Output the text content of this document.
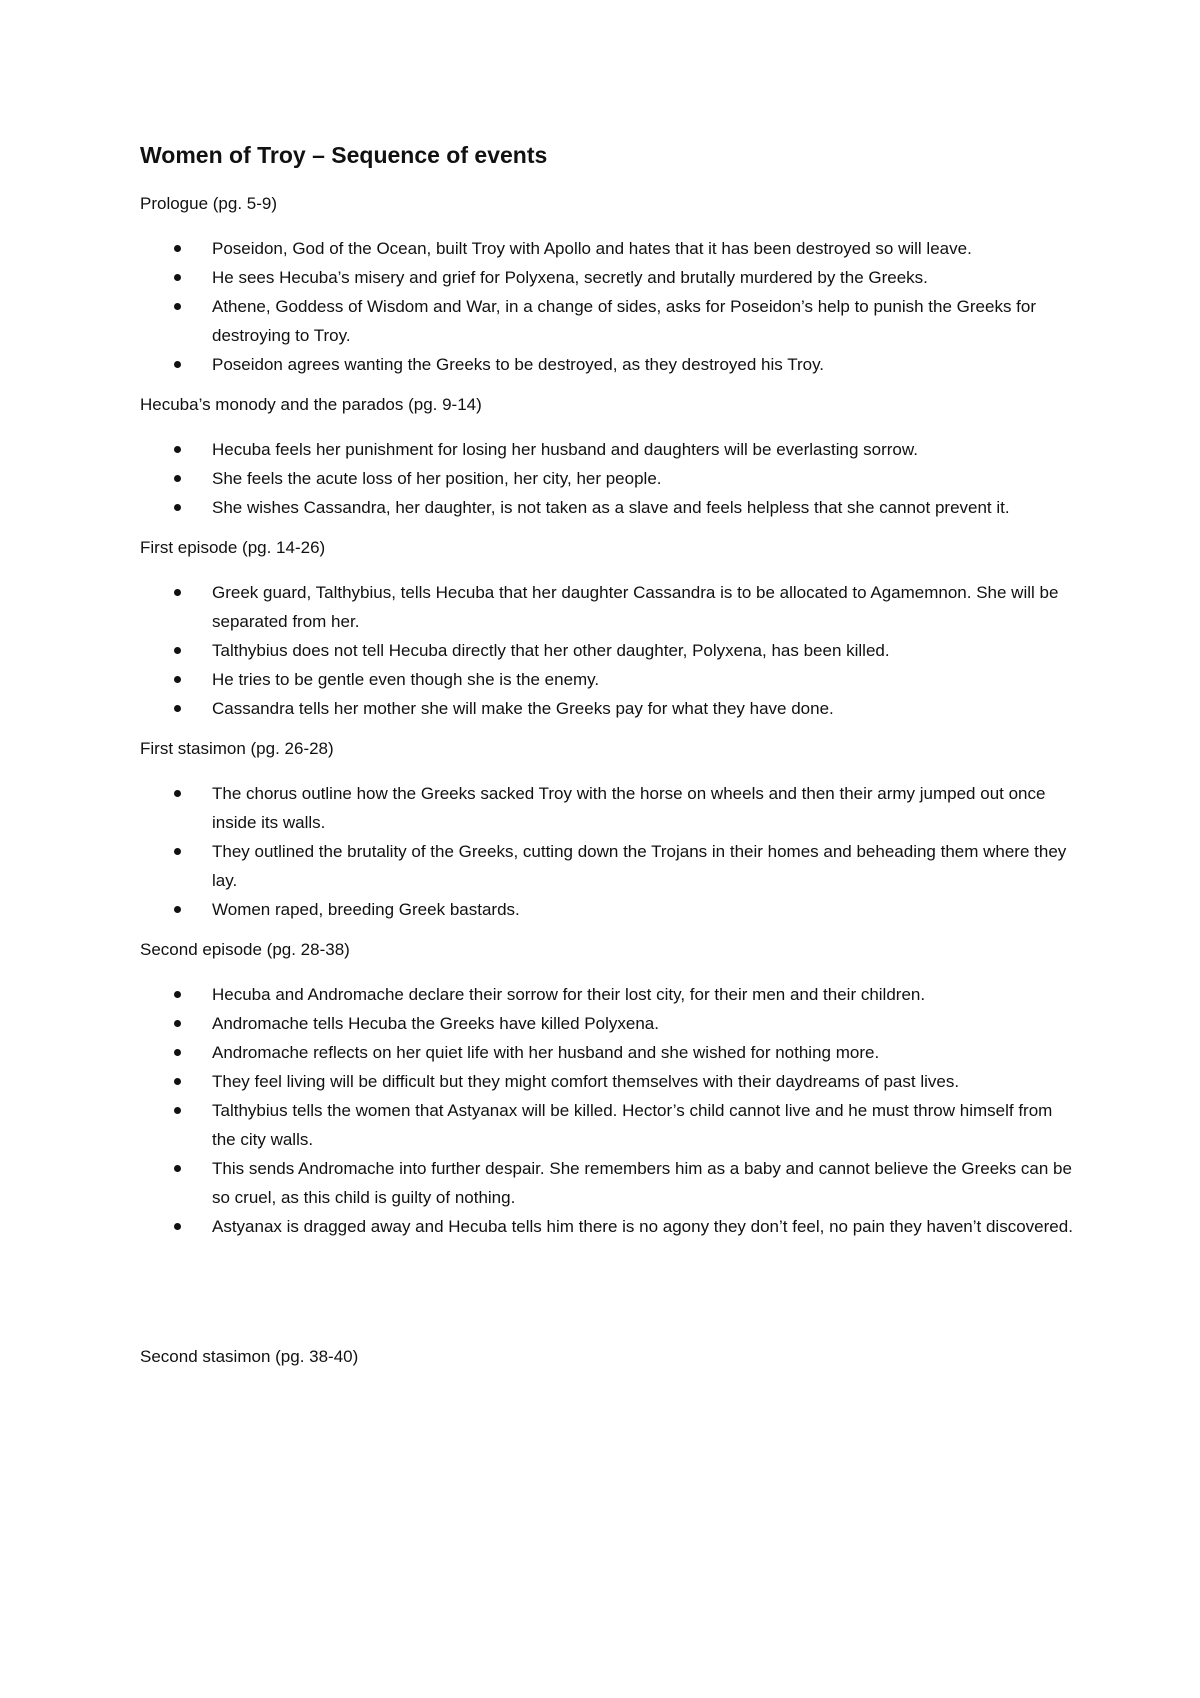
Women of Troy – Sequence of events
Prologue (pg. 5-9)
Poseidon, God of the Ocean, built Troy with Apollo and hates that it has been destroyed so will leave.
He sees Hecuba’s misery and grief for Polyxena, secretly and brutally murdered by the Greeks.
Athene, Goddess of Wisdom and War, in a change of sides, asks for Poseidon’s help to punish the Greeks for destroying to Troy.
Poseidon agrees wanting the Greeks to be destroyed, as they destroyed his Troy.
Hecuba’s monody and the parados (pg. 9-14)
Hecuba feels her punishment for losing her husband and daughters will be everlasting sorrow.
She feels the acute loss of her position, her city, her people.
She wishes Cassandra, her daughter, is not taken as a slave and feels helpless that she cannot prevent it.
First episode (pg. 14-26)
Greek guard, Talthybius, tells Hecuba that her daughter Cassandra is to be allocated to Agamemnon. She will be separated from her.
Talthybius does not tell Hecuba directly that her other daughter, Polyxena, has been killed.
He tries to be gentle even though she is the enemy.
Cassandra tells her mother she will make the Greeks pay for what they have done.
First stasimon (pg. 26-28)
The chorus outline how the Greeks sacked Troy with the horse on wheels and then their army jumped out once inside its walls.
They outlined the brutality of the Greeks, cutting down the Trojans in their homes and beheading them where they lay.
Women raped, breeding Greek bastards.
Second episode (pg. 28-38)
Hecuba and Andromache declare their sorrow for their lost city, for their men and their children.
Andromache tells Hecuba the Greeks have killed Polyxena.
Andromache reflects on her quiet life with her husband and she wished for nothing more.
They feel living will be difficult but they might comfort themselves with their daydreams of past lives.
Talthybius tells the women that Astyanax will be killed. Hector’s child cannot live and he must throw himself from the city walls.
This sends Andromache into further despair. She remembers him as a baby and cannot believe the Greeks can be so cruel, as this child is guilty of nothing.
Astyanax is dragged away and Hecuba tells him there is no agony they don’t feel, no pain they haven’t discovered.
Second stasimon (pg. 38-40)
